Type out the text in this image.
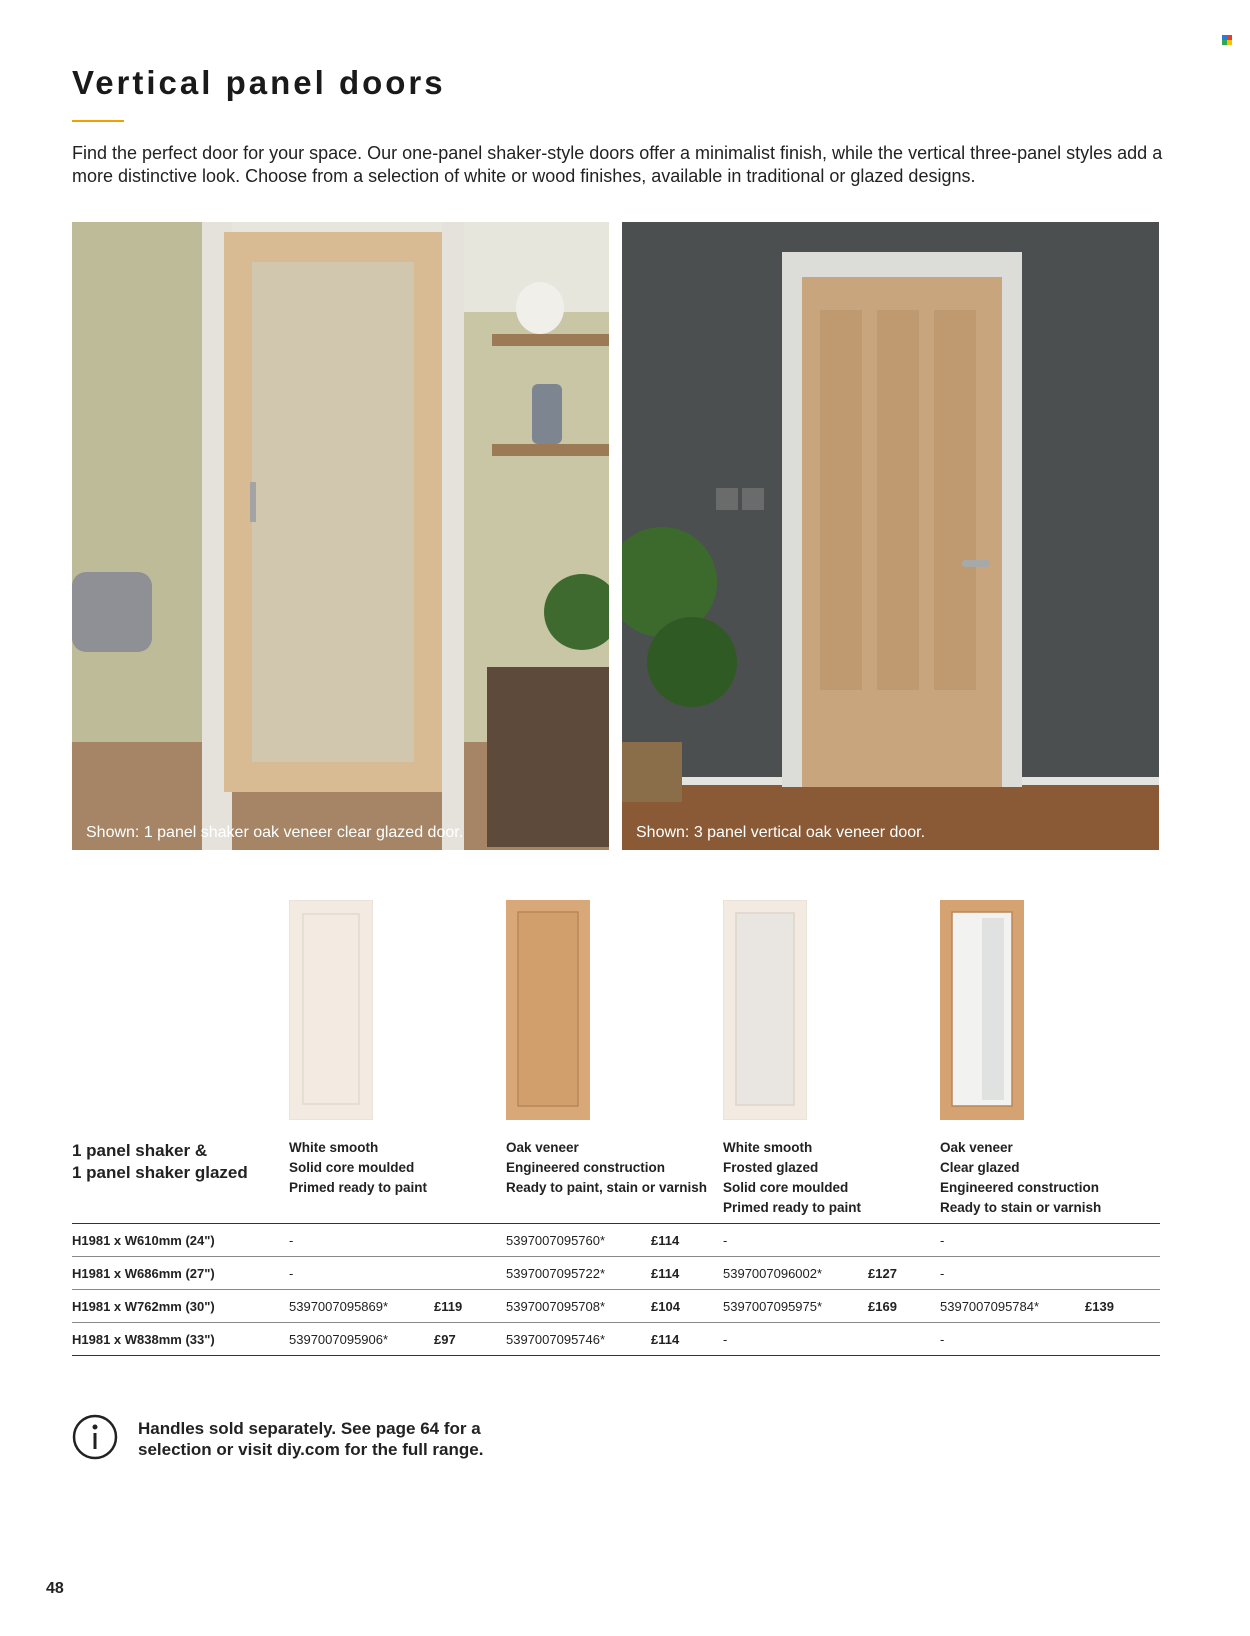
Vertical panel doors
Find the perfect door for your space. Our one-panel shaker-style doors offer a minimalist finish, while the vertical three-panel styles add a more distinctive look. Choose from a selection of white or wood finishes, available in traditional or glazed designs.
Shown: 1 panel shaker oak veneer clear glazed door.	Shown: 3 panel vertical oak veneer door.
1 panel shaker &
1 panel shaker glazed
White smooth
Solid core moulded
Primed ready to paint
Oak veneer
Engineered construction
Ready to paint, stain or varnish
White smooth
Frosted glazed
Solid core moulded
Primed ready to paint
Oak veneer
Clear glazed
Engineered construction
Ready to stain or varnish
H1981 x W610mm (24")	-		5397007095760*	£114	-		-	
H1981 x W686mm (27")	-		5397007095722*	£114	5397007096002*	£127	-	
H1981 x W762mm (30")	5397007095869*	£119	5397007095708*	£104	5397007095975*	£169	5397007095784*	£139
H1981 x W838mm (33")	5397007095906*	£97	5397007095746*	£114	-		-	
Handles sold separately. See page 64 for a
selection or visit diy.com for the full range.
48
